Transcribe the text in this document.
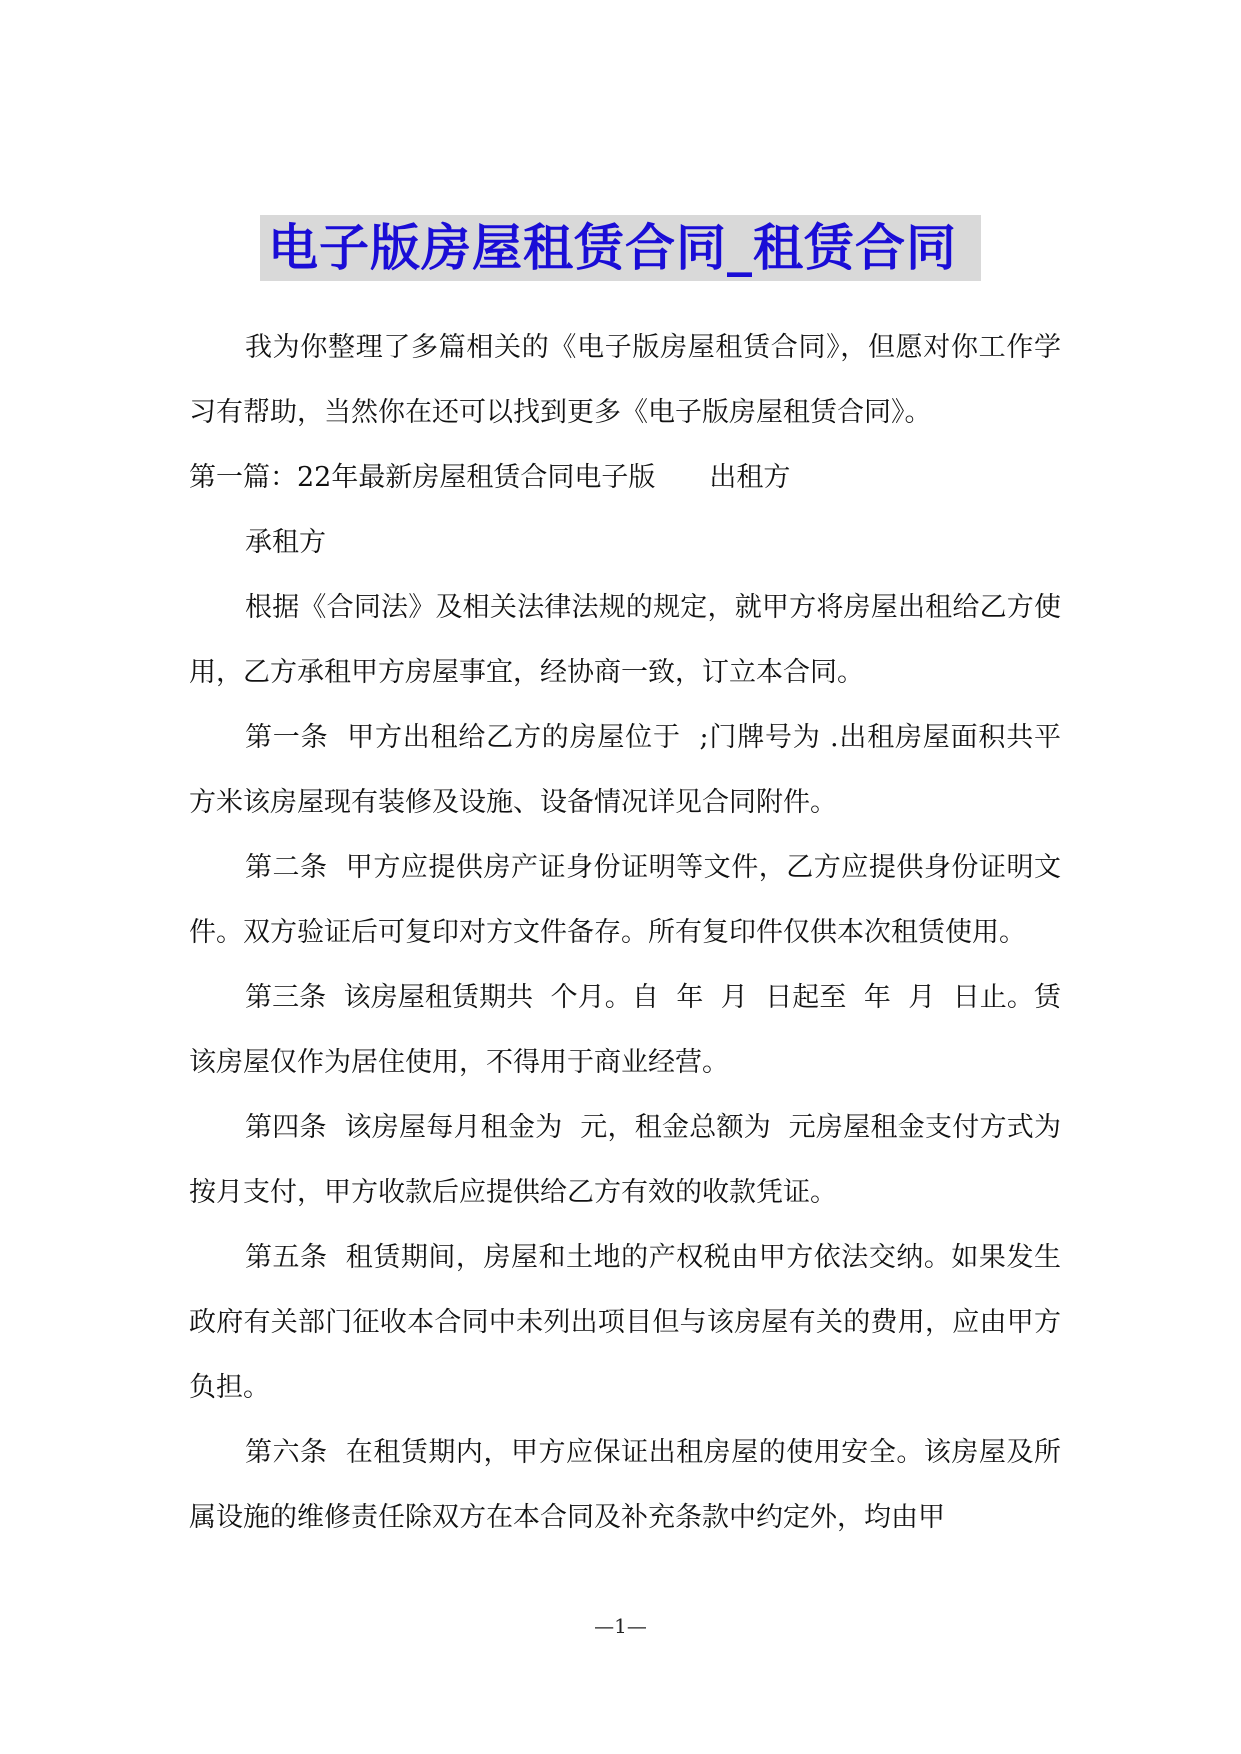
电子版房屋租赁合同_租赁合同

我为你整理了多篇相关的《电子版房屋租赁合同》，但愿对你工作学习有帮助，当然你在还可以找到更多《电子版房屋租赁合同》。

第一篇：22年最新房屋租赁合同电子版　　出租方

承租方

根据《合同法》及相关法律法规的规定，就甲方将房屋出租给乙方使用，乙方承租甲方房屋事宜，经协商一致，订立本合同。

第一条  甲方出租给乙方的房屋位于  ;门牌号为 .出租房屋面积共平方米该房屋现有装修及设施、设备情况详见合同附件。

第二条  甲方应提供房产证身份证明等文件，乙方应提供身份证明文件。双方验证后可复印对方文件备存。所有复印件仅供本次租赁使用。

第三条  该房屋租赁期共  个月。自  年  月  日起至  年  月  日止。赁该房屋仅作为居住使用，不得用于商业经营。

第四条  该房屋每月租金为  元，租金总额为  元房屋租金支付方式为按月支付，甲方收款后应提供给乙方有效的收款凭证。

第五条  租赁期间，房屋和土地的产权税由甲方依法交纳。如果发生政府有关部门征收本合同中未列出项目但与该房屋有关的费用，应由甲方负担。

第六条  在租赁期内，甲方应保证出租房屋的使用安全。该房屋及所属设施的维修责任除双方在本合同及补充条款中约定外，均由甲

—1—
